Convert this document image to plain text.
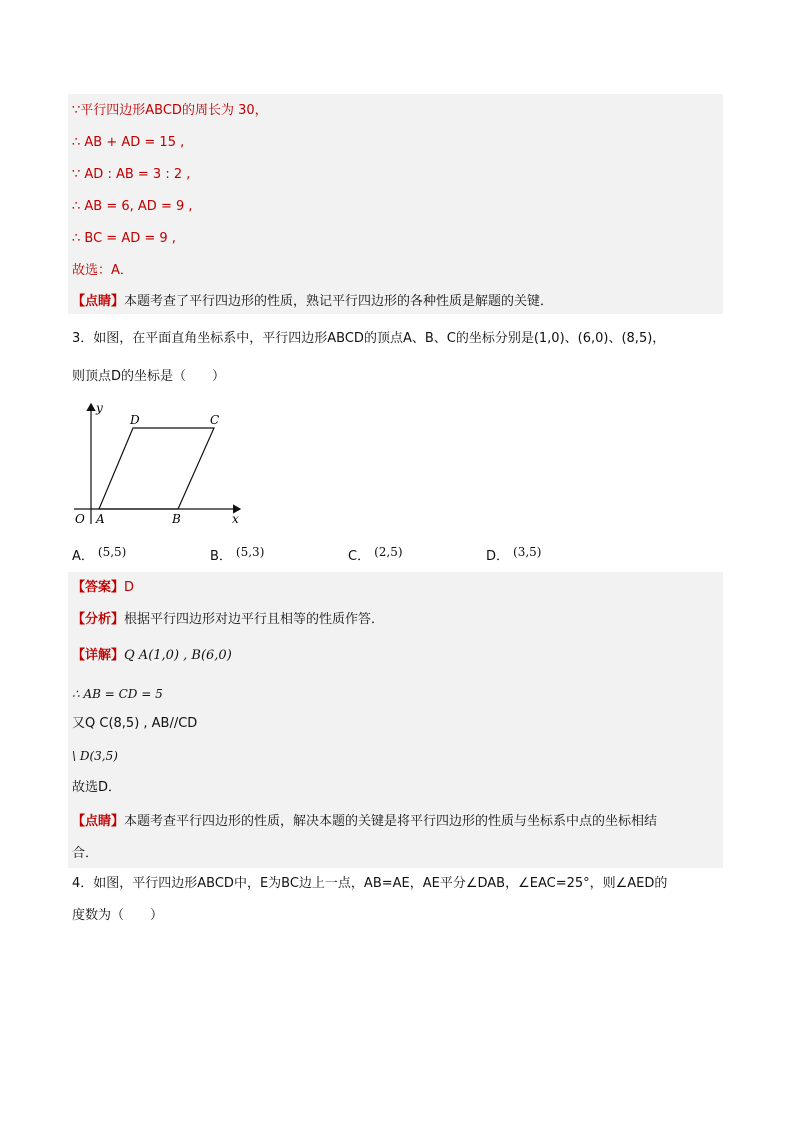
∵平行四边形ABCD的周长为 30，
∴ AB + AD = 15 ,
∵ AD : AB = 3 : 2 ,
∴ AB = 6, AD = 9 ,
∴ BC = AD = 9 ,
故选：A．
【点睛】本题考查了平行四边形的性质，熟记平行四边形的各种性质是解题的关键．
3．如图，在平面直角坐标系中，平行四边形ABCD的顶点A、B、C的坐标分别是(1,0)、(6,0)、(8,5)，
则顶点D的坐标是（　　）
y
x
O A	B
C
D
A． (5,5)	B． (5,3)	C． (2,5)	D． (3,5)
【答案】D
【分析】根据平行四边形对边平行且相等的性质作答．
【详解】Q A(1,0) , B(6,0)
∴ AB = CD = 5
又Q C(8,5) , AB//CD
\ D(3,5)
故选D．
【点睛】本题考查平行四边形的性质，解决本题的关键是将平行四边形的性质与坐标系中点的坐标相结
合．
4．如图，平行四边形ABCD中，E为BC边上一点，AB=AE，AE平分∠DAB，∠EAC=25°，则∠AED的
度数为（　　）
